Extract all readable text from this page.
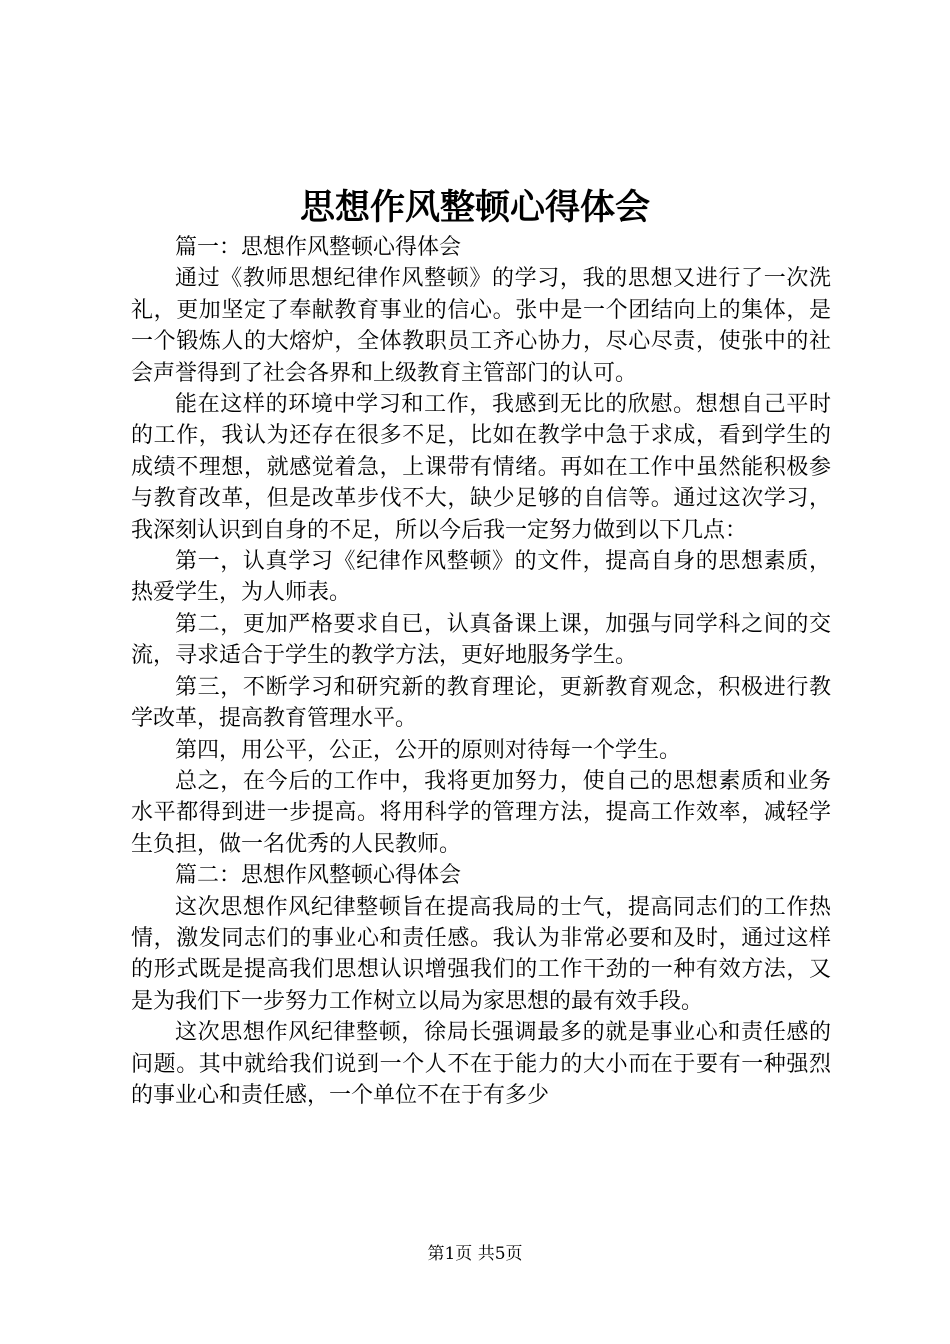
思想作风整顿心得体会

篇一：思想作风整顿心得体会

通过《教师思想纪律作风整顿》的学习，我的思想又进行了一次洗礼，更加坚定了奉献教育事业的信心。张中是一个团结向上的集体，是一个锻炼人的大熔炉，全体教职员工齐心协力，尽心尽责，使张中的社会声誉得到了社会各界和上级教育主管部门的认可。

能在这样的环境中学习和工作，我感到无比的欣慰。想想自己平时的工作，我认为还存在很多不足，比如在教学中急于求成，看到学生的成绩不理想，就感觉着急，上课带有情绪。再如在工作中虽然能积极参与教育改革，但是改革步伐不大，缺少足够的自信等。通过这次学习，我深刻认识到自身的不足，所以今后我一定努力做到以下几点：

第一，认真学习《纪律作风整顿》的文件，提高自身的思想素质，热爱学生，为人师表。

第二，更加严格要求自已，认真备课上课，加强与同学科之间的交流，寻求适合于学生的教学方法，更好地服务学生。

第三，不断学习和研究新的教育理论，更新教育观念，积极进行教学改革，提高教育管理水平。

第四，用公平，公正，公开的原则对待每一个学生。

总之，在今后的工作中，我将更加努力，使自己的思想素质和业务水平都得到进一步提高。将用科学的管理方法，提高工作效率，减轻学生负担，做一名优秀的人民教师。

篇二：思想作风整顿心得体会

这次思想作风纪律整顿旨在提高我局的士气，提高同志们的工作热情，激发同志们的事业心和责任感。我认为非常必要和及时，通过这样的形式既是提高我们思想认识增强我们的工作干劲的一种有效方法，又是为我们下一步努力工作树立以局为家思想的最有效手段。

这次思想作风纪律整顿，徐局长强调最多的就是事业心和责任感的问题。其中就给我们说到一个人不在于能力的大小而在于要有一种强烈的事业心和责任感，一个单位不在于有多少

第1页 共5页
